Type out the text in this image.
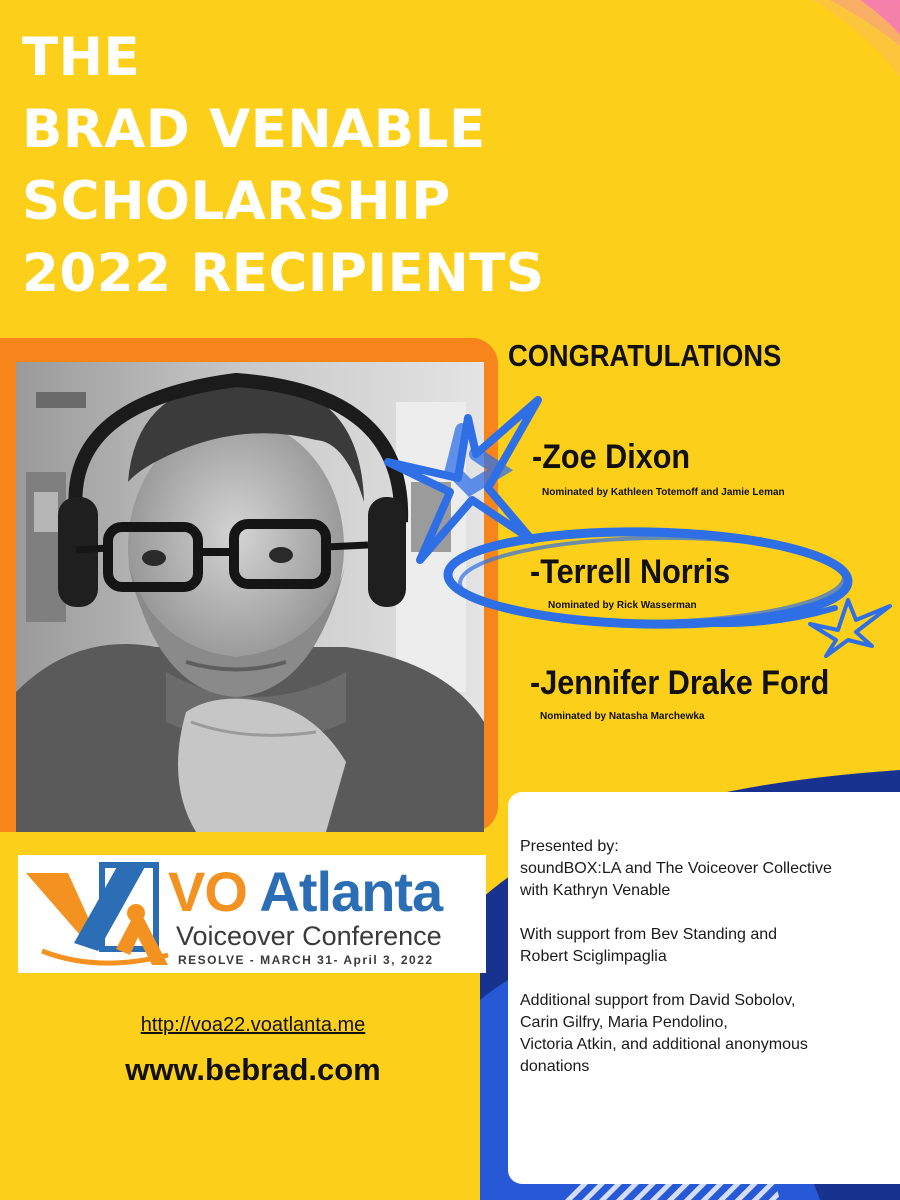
THE
BRAD VENABLE
SCHOLARSHIP
2022 RECIPIENTS
CONGRATULATIONS

-Zoe Dixon

Nominated by Kathleen Totemoff and Jamie Leman

-Terrell Norris

Nominated by Rick Wasserman

-Jennifer Drake Ford

Nominated by Natasha Marchewka

VO Atlanta

Voiceover Conference

RESOLVE - MARCH 31- April 3, 2022

http://voa22.voatlanta.me

www.bebrad.com

Presented by:

soundBOX:LA and The Voiceover Collective

with Kathryn Venable

With support from Bev Standing and

Robert Sciglimpaglia

Additional support from David Sobolov,

Carin Gilfry, Maria Pendolino,

Victoria Atkin, and additional anonymous

donations
